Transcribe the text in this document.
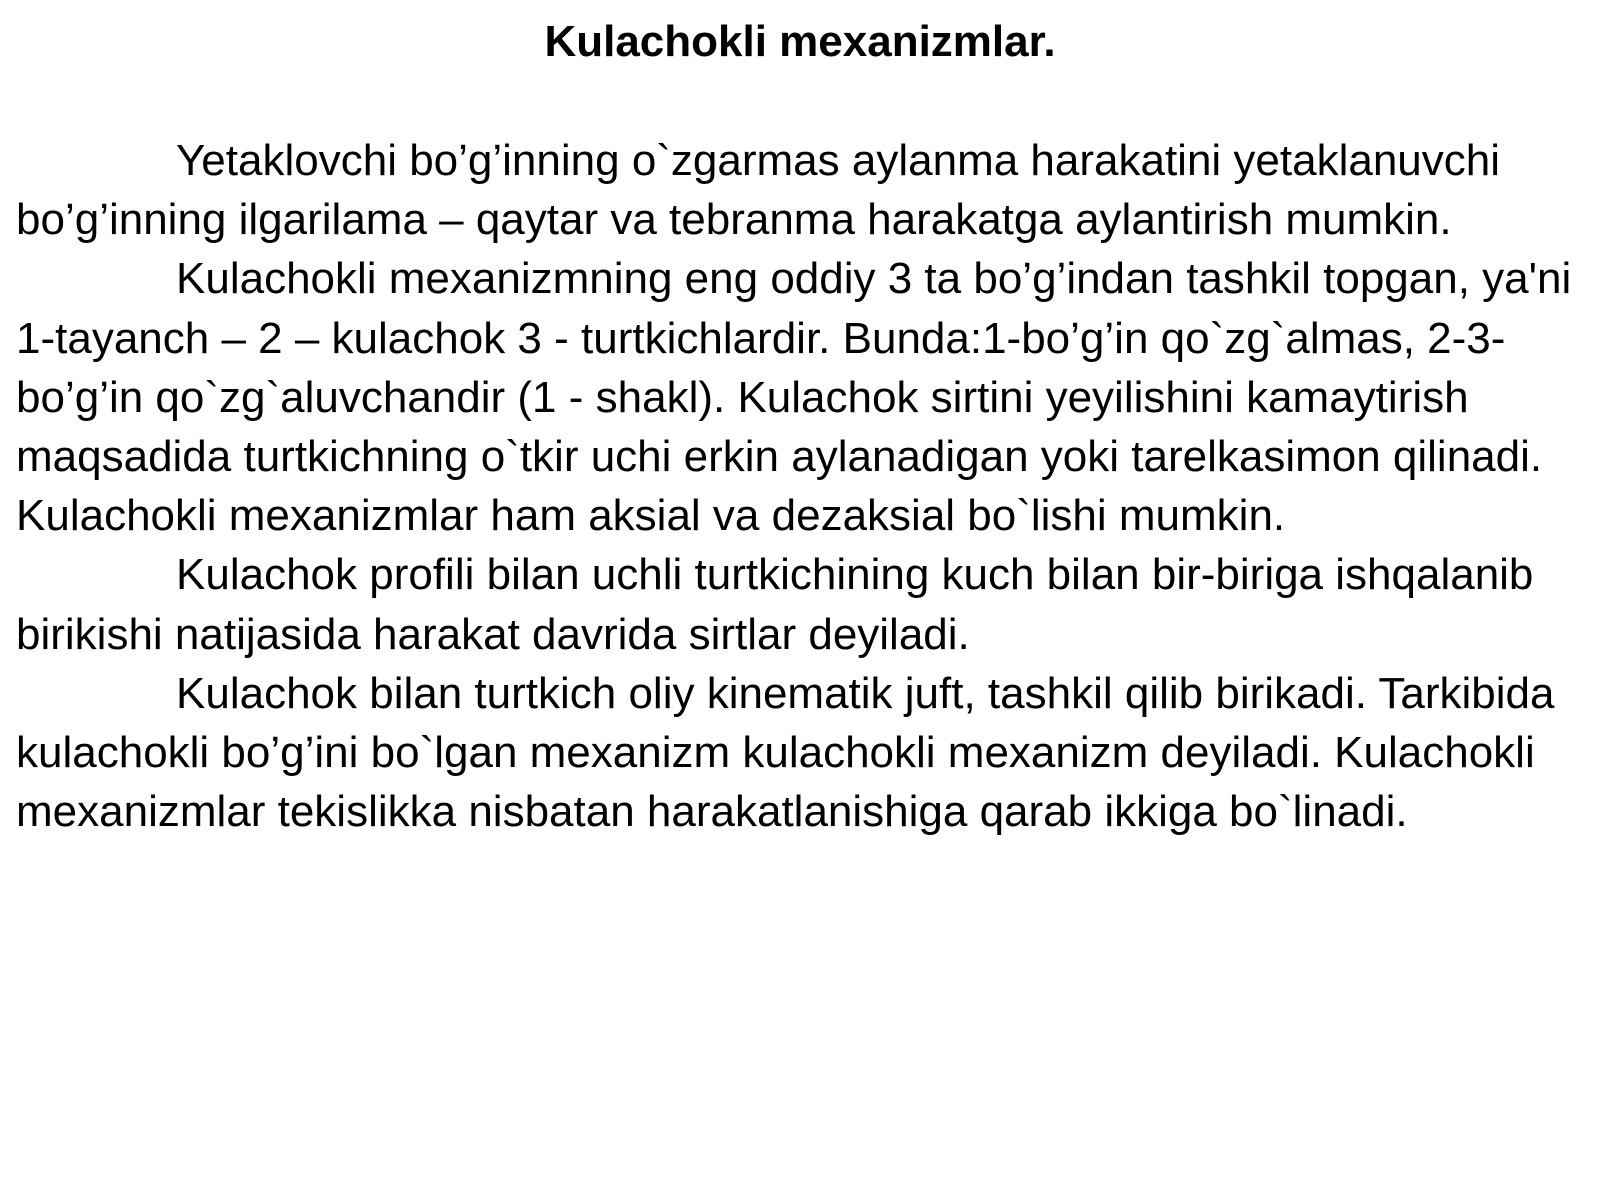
Kulachokli mexanizmlar.

Yetaklovchi bo’g’inning o`zgarmas aylanma harakatini yetaklanuvchi bo’g’inning ilgarilama – qaytar va tebranma harakatga aylantirish mumkin.

Kulachokli mexanizmning eng oddiy 3 ta bo’g’indan tashkil topgan, ya'ni 1-tayanch – 2 – kulachok 3 - turtkichlardir. Bunda:1-bo’g’in qo`zg`almas, 2-3-bo’g’in qo`zg`aluvchandir (1 - shakl). Kulachok sirtini yeyilishini kamaytirish maqsadida turtkichning o`tkir uchi erkin aylanadigan yoki tarelkasimon qilinadi. Kulachokli mexanizmlar ham aksial va dezaksial bo`lishi mumkin.

Kulachok profili bilan uchli turtkichining kuch bilan bir-biriga ishqalanib birikishi natijasida harakat davrida sirtlar deyiladi.

Kulachok bilan turtkich oliy kinematik juft, tashkil qilib birikadi. Tarkibida kulachokli bo’g’ini bo`lgan mexanizm kulachokli mexanizm deyiladi. Kulachokli mexanizmlar tekislikka nisbatan harakatlanishiga qarab ikkiga bo`linadi.
